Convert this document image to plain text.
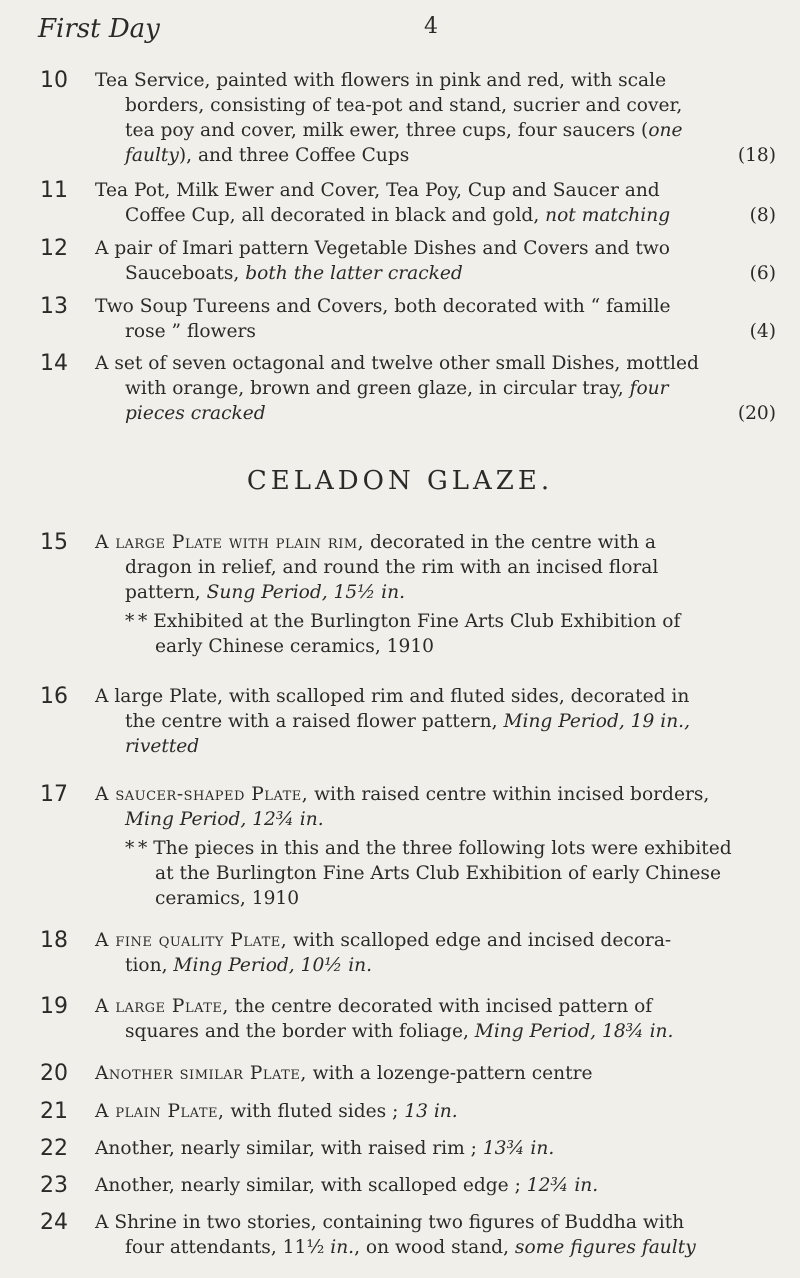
First Day	4
10 Tea Service, painted with flowers in pink and red, with scale
borders, consisting of tea-pot and stand, sucrier and cover,
tea poy and cover, milk ewer, three cups, four saucers (one
faulty), and three Coffee Cups	(18)
11 Tea Pot, Milk Ewer and Cover, Tea Poy, Cup and Saucer and
Coffee Cup, all decorated in black and gold, not matching	(8)
12 A pair of Imari pattern Vegetable Dishes and Covers and two
Sauceboats, both the latter cracked	(6)
13 Two Soup Tureens and Covers, both decorated with “ famille
rose ” flowers	(4)
14 A set of seven octagonal and twelve other small Dishes, mottled
with orange, brown and green glaze, in circular tray, four
pieces cracked	(20)
CELADON GLAZE.
15 A large Plate with plain rim, decorated in the centre with a
dragon in relief, and round the rim with an incised floral
pattern, Sung Period, 15½ in.
* * Exhibited at the Burlington Fine Arts Club Exhibition of
early Chinese ceramics, 1910
16 A large Plate, with scalloped rim and fluted sides, decorated in
the centre with a raised flower pattern, Ming Period, 19 in.,
rivetted
17 A saucer-shaped Plate, with raised centre within incised borders,
Ming Period, 12¾ in.
* * The pieces in this and the three following lots were exhibited
at the Burlington Fine Arts Club Exhibition of early Chinese
ceramics, 1910
18 A fine quality Plate, with scalloped edge and incised decora-
tion, Ming Period, 10½ in.
19 A large Plate, the centre decorated with incised pattern of
squares and the border with foliage, Ming Period, 18¾ in.
20 Another similar Plate, with a lozenge-pattern centre
21 A plain Plate, with fluted sides ; 13 in.
22 Another, nearly similar, with raised rim ; 13¾ in.
23 Another, nearly similar, with scalloped edge ; 12¾ in.
24 A Shrine in two stories, containing two figures of Buddha with
four attendants, 11½ in., on wood stand, some figures faulty
